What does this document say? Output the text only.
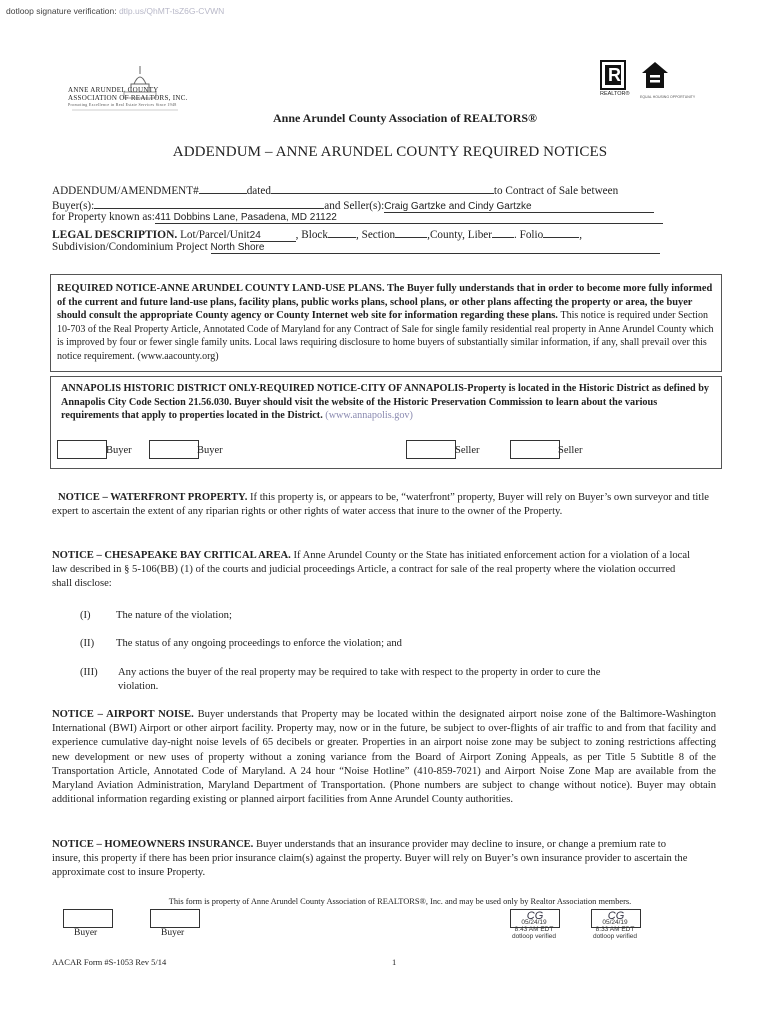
dotloop signature verification: dtlp.us/QhMT-tsZ6G-CVWN
ANNE ARUNDEL COUNTY
ASSOCIATION OF REALTORS, INC.
Promoting Excellence in Real Estate Services Since 1948
R
REALTOR®	EQUAL HOUSING OPPORTUNITY
Anne Arundel County Association of REALTORS®
ADDENDUM – ANNE ARUNDEL COUNTY REQUIRED NOTICES
ADDENDUM/AMENDMENT#	dated	to Contract of Sale between
Buyer(s):	and Seller(s):Craig Gartzke and Cindy Gartzke
for Property known as:411 Dobbins Lane, Pasadena, MD 21122
LEGAL DESCRIPTION. Lot/Parcel/Unit24	, Block	, Section	,County, Liber . Folio	,
Subdivision/Condominium Project North Shore

REQUIRED NOTICE-ANNE ARUNDEL COUNTY LAND-USE PLANS. The Buyer fully understands that in order to become more fully informed of the current and future land-use plans, facility plans, public works plans, school plans, or other plans affecting the property or area, the buyer should consult the appropriate County agency or County Internet web site for information regarding these plans. This notice is required under Section 10-703 of the Real Property Article, Annotated Code of Maryland for any Contract of Sale for single family residential real property in Anne Arundel County which is improved by four or fewer single family units. Local laws requiring disclosure to home buyers of substantially similar information, if any, shall prevail over this notice requirement. (www.aacounty.org)

ANNAPOLIS HISTORIC DISTRICT ONLY-REQUIRED NOTICE-CITY OF ANNAPOLIS-Property is located in the Historic District as defined by Annapolis City Code Section 21.56.030. Buyer should visit the website of the Historic Preservation Commission to learn about the various requirements that apply to properties located in the District. (www.annapolis.gov)

Buyer	Buyer	Seller	Seller

NOTICE – WATERFRONT PROPERTY. If this property is, or appears to be, “waterfront” property, Buyer will rely on Buyer’s own surveyor and title expert to ascertain the extent of any riparian rights or other rights of water access that inure to the owner of the Property.

NOTICE – CHESAPEAKE BAY CRITICAL AREA. If Anne Arundel County or the State has initiated enforcement action for a violation of a local law described in § 5-106(BB) (1) of the courts and judicial proceedings Article, a contract for sale of the real property where the violation occurred shall disclose:

(I) The nature of the violation;
(II) The status of any ongoing proceedings to enforce the violation; and
(III)	Any actions the buyer of the real property may be required to take with respect to the property in order to cure the violation.

NOTICE – AIRPORT NOISE. Buyer understands that Property may be located within the designated airport noise zone of the Baltimore-Washington International (BWI) Airport or other airport facility. Property may, now or in the future, be subject to over-flights of air traffic to and from that facility and experience cumulative day-night noise levels of 65 decibels or greater. Properties in an airport noise zone may be subject to zoning restrictions affecting new development or new uses of property without a zoning variance from the Board of Airport Zoning Appeals, as per Title 5 Subtitle 8 of the Transportation Article, Annotated Code of Maryland. A 24 hour “Noise Hotline” (410-859-7021) and Airport Noise Zone Map are available from the Maryland Aviation Administration, Maryland Department of Transportation. (Phone numbers are subject to change without notice). Buyer may obtain additional information regarding existing or planned airport facilities from Anne Arundel County authorities.

NOTICE – HOMEOWNERS INSURANCE. Buyer understands that an insurance provider may decline to insure, or change a premium rate to insure, this property if there has been prior insurance claim(s) against the property. Buyer will rely on Buyer’s own insurance provider to ascertain the approximate cost to insure Property.

This form is property of Anne Arundel County Association of REALTORS®, Inc. and may be used only by Realtor Association members.
Buyer	Buyer
CG
05/24/19
8:43 AM EDT
dotloop verified
CG
05/24/19
8:33 AM EDT
dotloop verified
AACAR Form #S-1053 Rev 5/14	1
